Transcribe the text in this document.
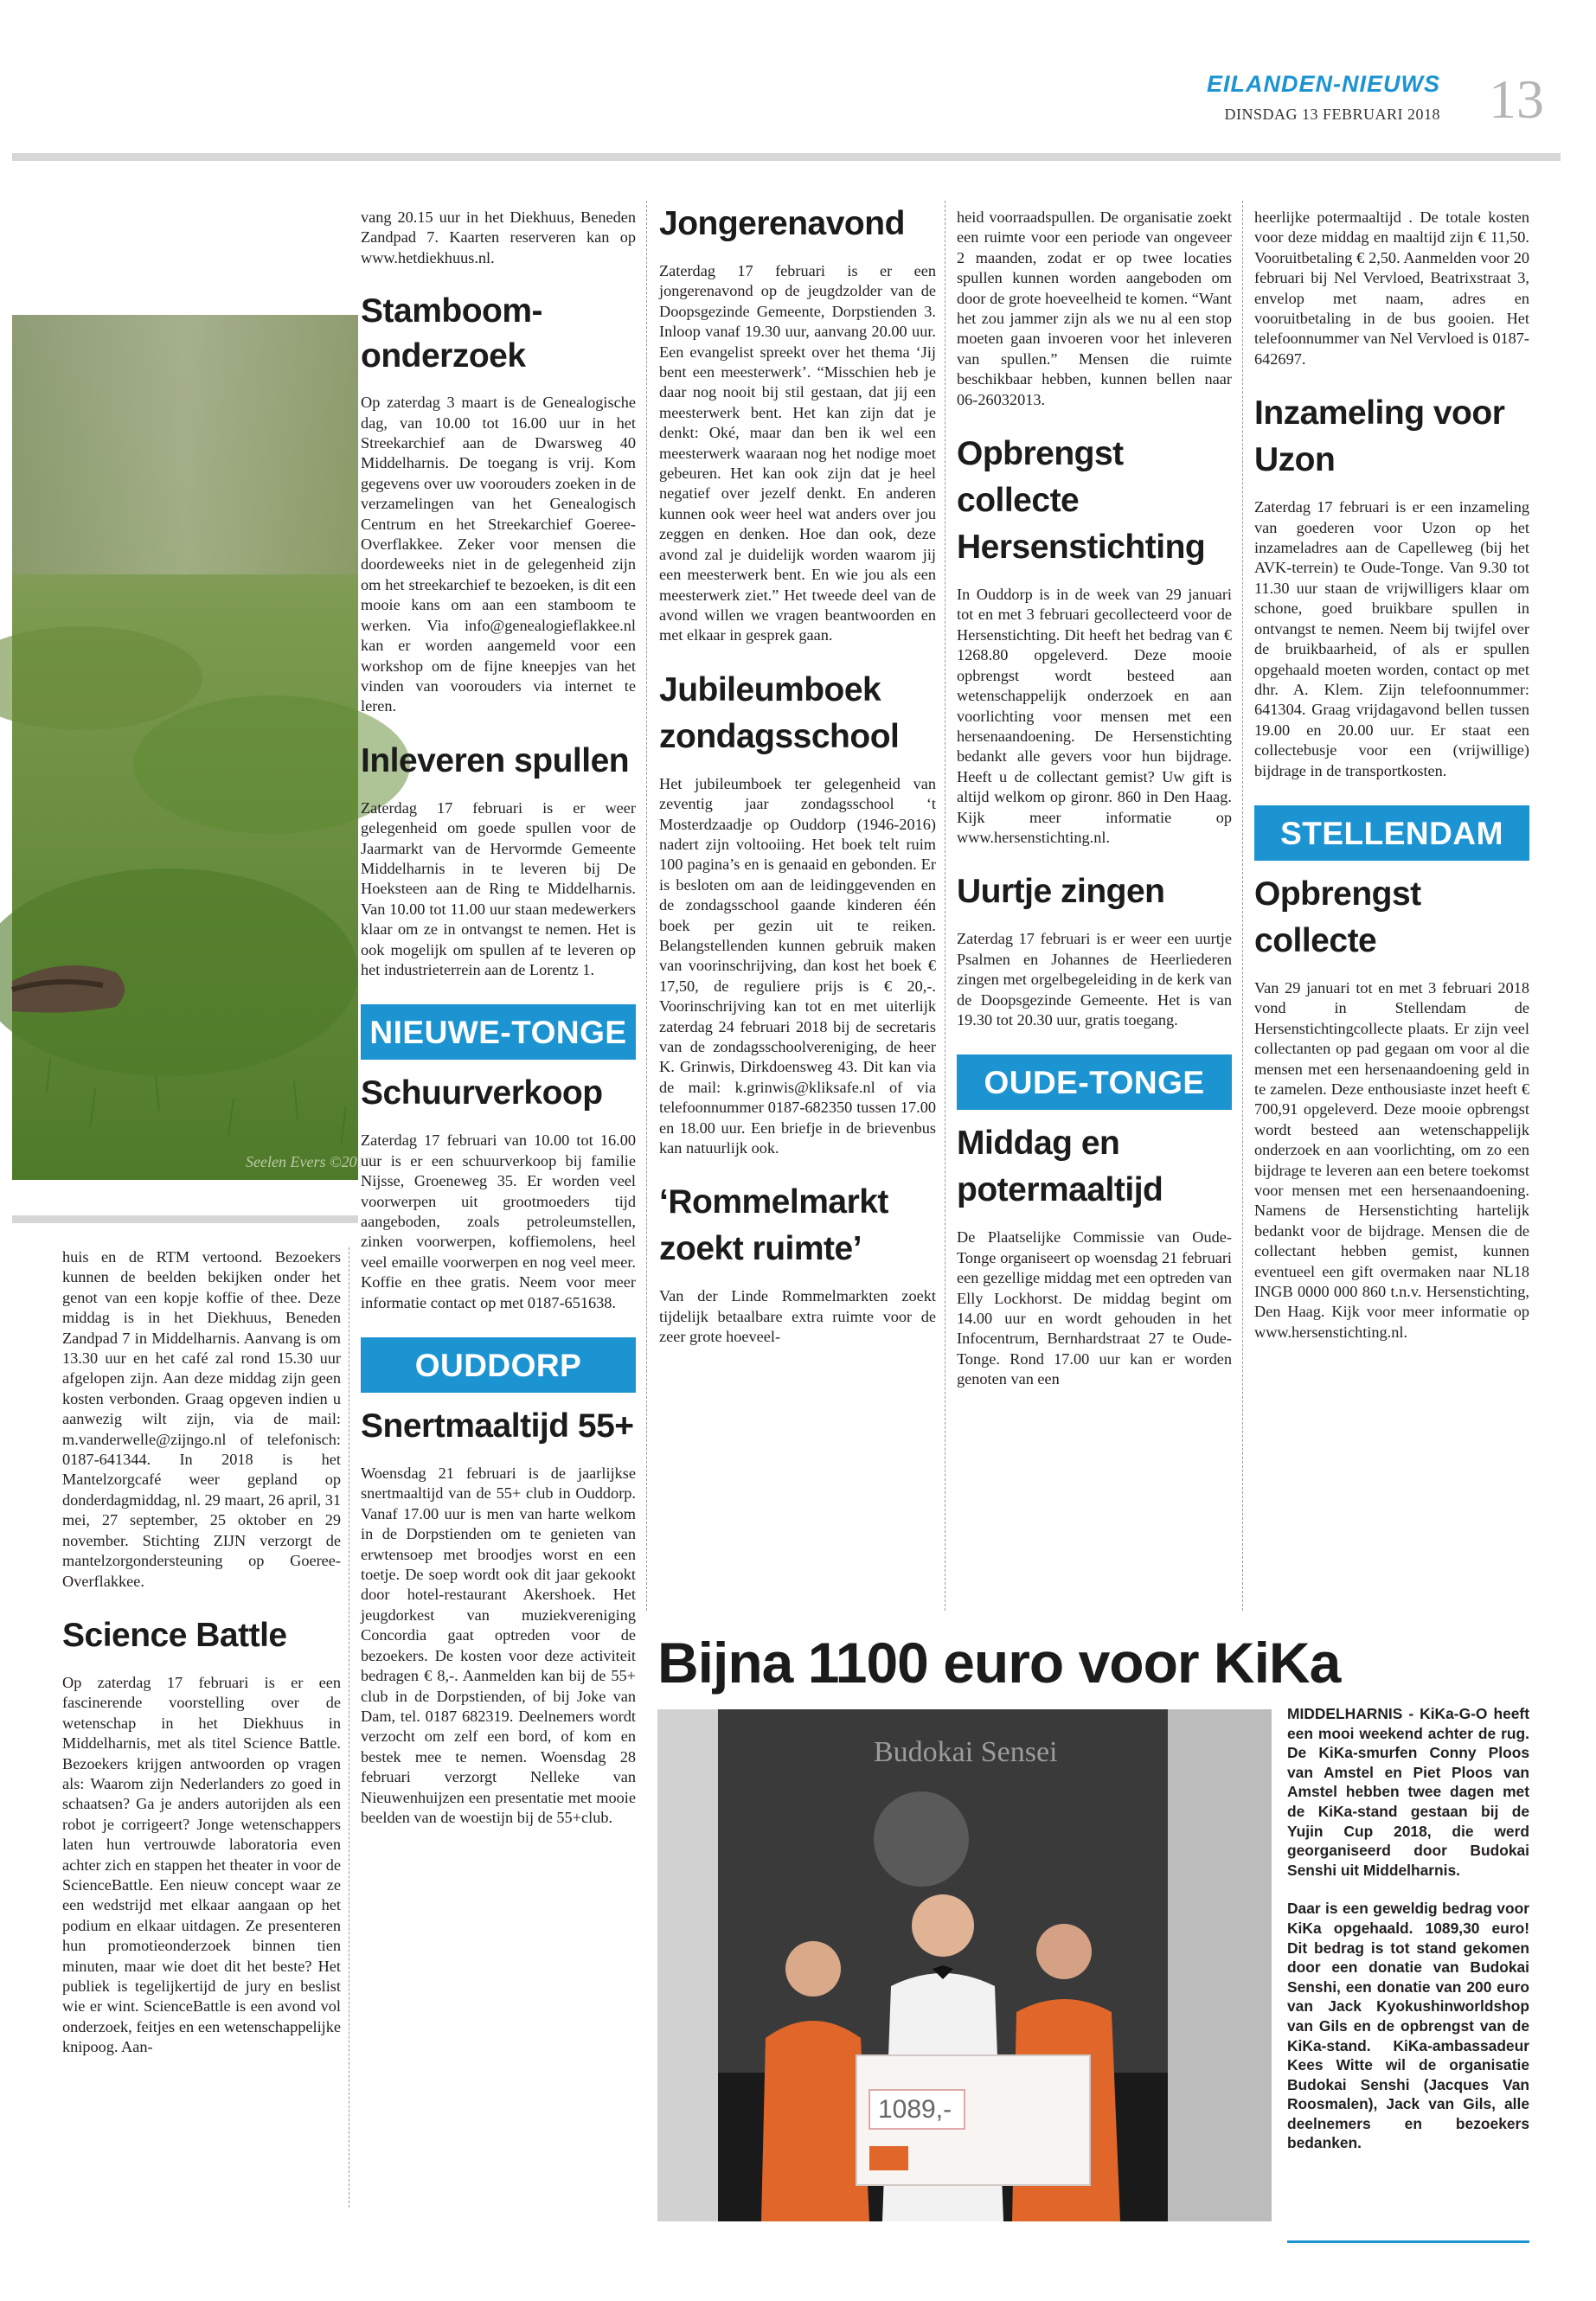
EILANDEN-NIEUWS
DINSDAG 13 FEBRUARI 2018 13
Seelen Evers ©2017

huis en de RTM vertoond. Bezoekers kunnen de beelden bekijken onder het genot van een kopje koffie of thee. Deze middag is in het Diekhuus, Beneden Zandpad 7 in Middelharnis. Aanvang is om 13.30 uur en het café zal rond 15.30 uur afgelopen zijn. Aan deze middag zijn geen kosten verbonden. Graag opgeven indien u aanwezig wilt zijn, via de mail: m.vanderwelle@zijngo.nl of telefonisch: 0187-641344. In 2018 is het Mantelzorgcafé weer gepland op donderdagmiddag, nl. 29 maart, 26 april, 31 mei, 27 september, 25 oktober en 29 november. Stichting ZIJN verzorgt de mantelzorgondersteuning op Goeree-Overflakkee.

Science Battle

Op zaterdag 17 februari is er een fascinerende voorstelling over de wetenschap in het Diekhuus in Middelharnis, met als titel Science Battle. Bezoekers krijgen antwoorden op vragen als: Waarom zijn Nederlanders zo goed in schaatsen? Ga je anders autorijden als een robot je corrigeert? Jonge wetenschappers laten hun vertrouwde laboratoria even achter zich en stappen het theater in voor de ScienceBattle. Een nieuw concept waar ze een wedstrijd met elkaar aangaan op het podium en elkaar uitdagen. Ze presenteren hun promotieonderzoek binnen tien minuten, maar wie doet dit het beste? Het publiek is tegelijkertijd de jury en beslist wie er wint. ScienceBattle is een avond vol onderzoek, feitjes en een wetenschappelijke knipoog. Aan-

vang 20.15 uur in het Diekhuus, Beneden Zandpad 7. Kaarten reserveren kan op www.hetdiekhuus.nl.

Stamboom-onderzoek

Op zaterdag 3 maart is de Genealogische dag, van 10.00 tot 16.00 uur in het Streekarchief aan de Dwarsweg 40 Middelharnis. De toegang is vrij. Kom gegevens over uw voorouders zoeken in de verzamelingen van het Genealogisch Centrum en het Streekarchief Goeree-Overflakkee. Zeker voor mensen die doordeweeks niet in de gelegenheid zijn om het streekarchief te bezoeken, is dit een mooie kans om aan een stamboom te werken. Via info@genealogieflakkee.nl kan er worden aangemeld voor een workshop om de fijne kneepjes van het vinden van voorouders via internet te leren.

Inleveren spullen

Zaterdag 17 februari is er weer gelegenheid om goede spullen voor de Jaarmarkt van de Hervormde Gemeente Middelharnis in te leveren bij De Hoeksteen aan de Ring te Middelharnis. Van 10.00 tot 11.00 uur staan medewerkers klaar om ze in ontvangst te nemen. Het is ook mogelijk om spullen af te leveren op het industrieterrein aan de Lorentz 1.

NIEUWE-TONGE
Schuurverkoop

Zaterdag 17 februari van 10.00 tot 16.00 uur is er een schuurverkoop bij familie Nijsse, Groeneweg 35. Er worden veel voorwerpen uit grootmoeders tijd aangeboden, zoals petroleumstellen, zinken voorwerpen, koffiemolens, heel veel emaille voorwerpen en nog veel meer. Koffie en thee gratis. Neem voor meer informatie contact op met 0187-651638.

OUDDORP
Snertmaaltijd 55+

Woensdag 21 februari is de jaarlijkse snertmaaltijd van de 55+ club in Ouddorp. Vanaf 17.00 uur is men van harte welkom in de Dorpstienden om te genieten van erwtensoep met broodjes worst en een toetje. De soep wordt ook dit jaar gekookt door hotel-restaurant Akershoek. Het jeugdorkest van muziekvereniging Concordia gaat optreden voor de bezoekers. De kosten voor deze activiteit bedragen € 8,-. Aanmelden kan bij de 55+ club in de Dorpstienden, of bij Joke van Dam, tel. 0187 682319. Deelnemers wordt verzocht om zelf een bord, of kom en bestek mee te nemen. Woensdag 28 februari verzorgt Nelleke van Nieuwenhuijzen een presentatie met mooie beelden van de woestijn bij de 55+club.

Jongerenavond

Zaterdag 17 februari is er een jongerenavond op de jeugdzolder van de Doopsgezinde Gemeente, Dorpstienden 3. Inloop vanaf 19.30 uur, aanvang 20.00 uur. Een evangelist spreekt over het thema ‘Jij bent een meesterwerk’. “Misschien heb je daar nog nooit bij stil gestaan, dat jij een meesterwerk bent. Het kan zijn dat je denkt: Oké, maar dan ben ik wel een meesterwerk waaraan nog het nodige moet gebeuren. Het kan ook zijn dat je heel negatief over jezelf denkt. En anderen kunnen ook weer heel wat anders over jou zeggen en denken. Hoe dan ook, deze avond zal je duidelijk worden waarom jij een meesterwerk bent. En wie jou als een meesterwerk ziet.” Het tweede deel van de avond willen we vragen beantwoorden en met elkaar in gesprek gaan.

Jubileumboek zondagsschool

Het jubileumboek ter gelegenheid van zeventig jaar zondagsschool ‘t Mosterdzaadje op Ouddorp (1946-2016) nadert zijn voltooiing. Het boek telt ruim 100 pagina’s en is genaaid en gebonden. Er is besloten om aan de leidinggevenden en de zondagsschool gaande kinderen één boek per gezin uit te reiken. Belangstellenden kunnen gebruik maken van voorinschrijving, dan kost het boek € 17,50, de reguliere prijs is € 20,-. Voorinschrijving kan tot en met uiterlijk zaterdag 24 februari 2018 bij de secretaris van de zondagsschoolvereniging, de heer K. Grinwis, Dirkdoensweg 43. Dit kan via de mail: k.grinwis@kliksafe.nl of via telefoonnummer 0187-682350 tussen 17.00 en 18.00 uur. Een briefje in de brievenbus kan natuurlijk ook.

‘Rommelmarkt zoekt ruimte’

Van der Linde Rommelmarkten zoekt tijdelijk betaalbare extra ruimte voor de zeer grote hoeveel-

heid voorraadspullen. De organisatie zoekt een ruimte voor een periode van ongeveer 2 maanden, zodat er op twee locaties spullen kunnen worden aangeboden om door de grote hoeveelheid te komen. “Want het zou jammer zijn als we nu al een stop moeten gaan invoeren voor het inleveren van spullen.” Mensen die ruimte beschikbaar hebben, kunnen bellen naar 06-26032013.

Opbrengst collecte Hersenstichting

In Ouddorp is in de week van 29 januari tot en met 3 februari gecollecteerd voor de Hersenstichting. Dit heeft het bedrag van € 1268.80 opgeleverd. Deze mooie opbrengst wordt besteed aan wetenschappelijk onderzoek en aan voorlichting voor mensen met een hersenaandoening. De Hersenstichting bedankt alle gevers voor hun bijdrage. Heeft u de collectant gemist? Uw gift is altijd welkom op gironr. 860 in Den Haag. Kijk meer informatie op www.hersenstichting.nl.

Uurtje zingen

Zaterdag 17 februari is er weer een uurtje Psalmen en Johannes de Heerliederen zingen met orgelbegeleiding in de kerk van de Doopsgezinde Gemeente. Het is van 19.30 tot 20.30 uur, gratis toegang.

OUDE-TONGE
Middag en potermaaltijd

De Plaatselijke Commissie van Oude-Tonge organiseert op woensdag 21 februari een gezellige middag met een optreden van Elly Lockhorst. De middag begint om 14.00 uur en wordt gehouden in het Infocentrum, Bernhardstraat 27 te Oude-Tonge. Rond 17.00 uur kan er worden genoten van een

heerlijke potermaaltijd . De totale kosten voor deze middag en maaltijd zijn € 11,50. Vooruitbetaling € 2,50. Aanmelden voor 20 februari bij Nel Vervloed, Beatrixstraat 3, envelop met naam, adres en vooruitbetaling in de bus gooien. Het telefoonnummer van Nel Vervloed is 0187-642697.

Inzameling voor Uzon

Zaterdag 17 februari is er een inzameling van goederen voor Uzon op het inzameladres aan de Capelleweg (bij het AVK-terrein) te Oude-Tonge. Van 9.30 tot 11.30 uur staan de vrijwilligers klaar om schone, goed bruikbare spullen in ontvangst te nemen. Neem bij twijfel over de bruikbaarheid, of als er spullen opgehaald moeten worden, contact op met dhr. A. Klem. Zijn telefoonnummer: 641304. Graag vrijdagavond bellen tussen 19.00 en 20.00 uur. Er staat een collectebusje voor een (vrijwillige) bijdrage in de transportkosten.

STELLENDAM
Opbrengst collecte

Van 29 januari tot en met 3 februari 2018 vond in Stellendam de Hersenstichtingcollecte plaats. Er zijn veel collectanten op pad gegaan om voor al die mensen met een hersenaandoening geld in te zamelen. Deze enthousiaste inzet heeft € 700,91 opgeleverd. Deze mooie opbrengst wordt besteed aan wetenschappelijk onderzoek en aan voorlichting, om zo een bijdrage te leveren aan een betere toekomst voor mensen met een hersenaandoening. Namens de Hersenstichting hartelijk bedankt voor de bijdrage. Mensen die de collectant hebben gemist, kunnen eventueel een gift overmaken naar NL18 INGB 0000 000 860 t.n.v. Hersenstichting, Den Haag. Kijk voor meer informatie op www.hersenstichting.nl.

Bijna 1100 euro voor KiKa
Budokai Sensei
1089,-

MIDDELHARNIS - KiKa-G-O heeft een mooi weekend achter de rug. De KiKa-smurfen Conny Ploos van Amstel en Piet Ploos van Amstel hebben twee dagen met de KiKa-stand gestaan bij de Yujin Cup 2018, die werd georganiseerd door Budokai Senshi uit Middelharnis.

Daar is een geweldig bedrag voor KiKa opgehaald. 1089,30 euro! Dit bedrag is tot stand gekomen door een donatie van Budokai Senshi, een donatie van 200 euro van Jack Kyokushinworldshop van Gils en de opbrengst van de KiKa-stand. KiKa-ambassadeur Kees Witte wil de organisatie Budokai Senshi (Jacques Van Roosmalen), Jack van Gils, alle deelnemers en bezoekers bedanken.
